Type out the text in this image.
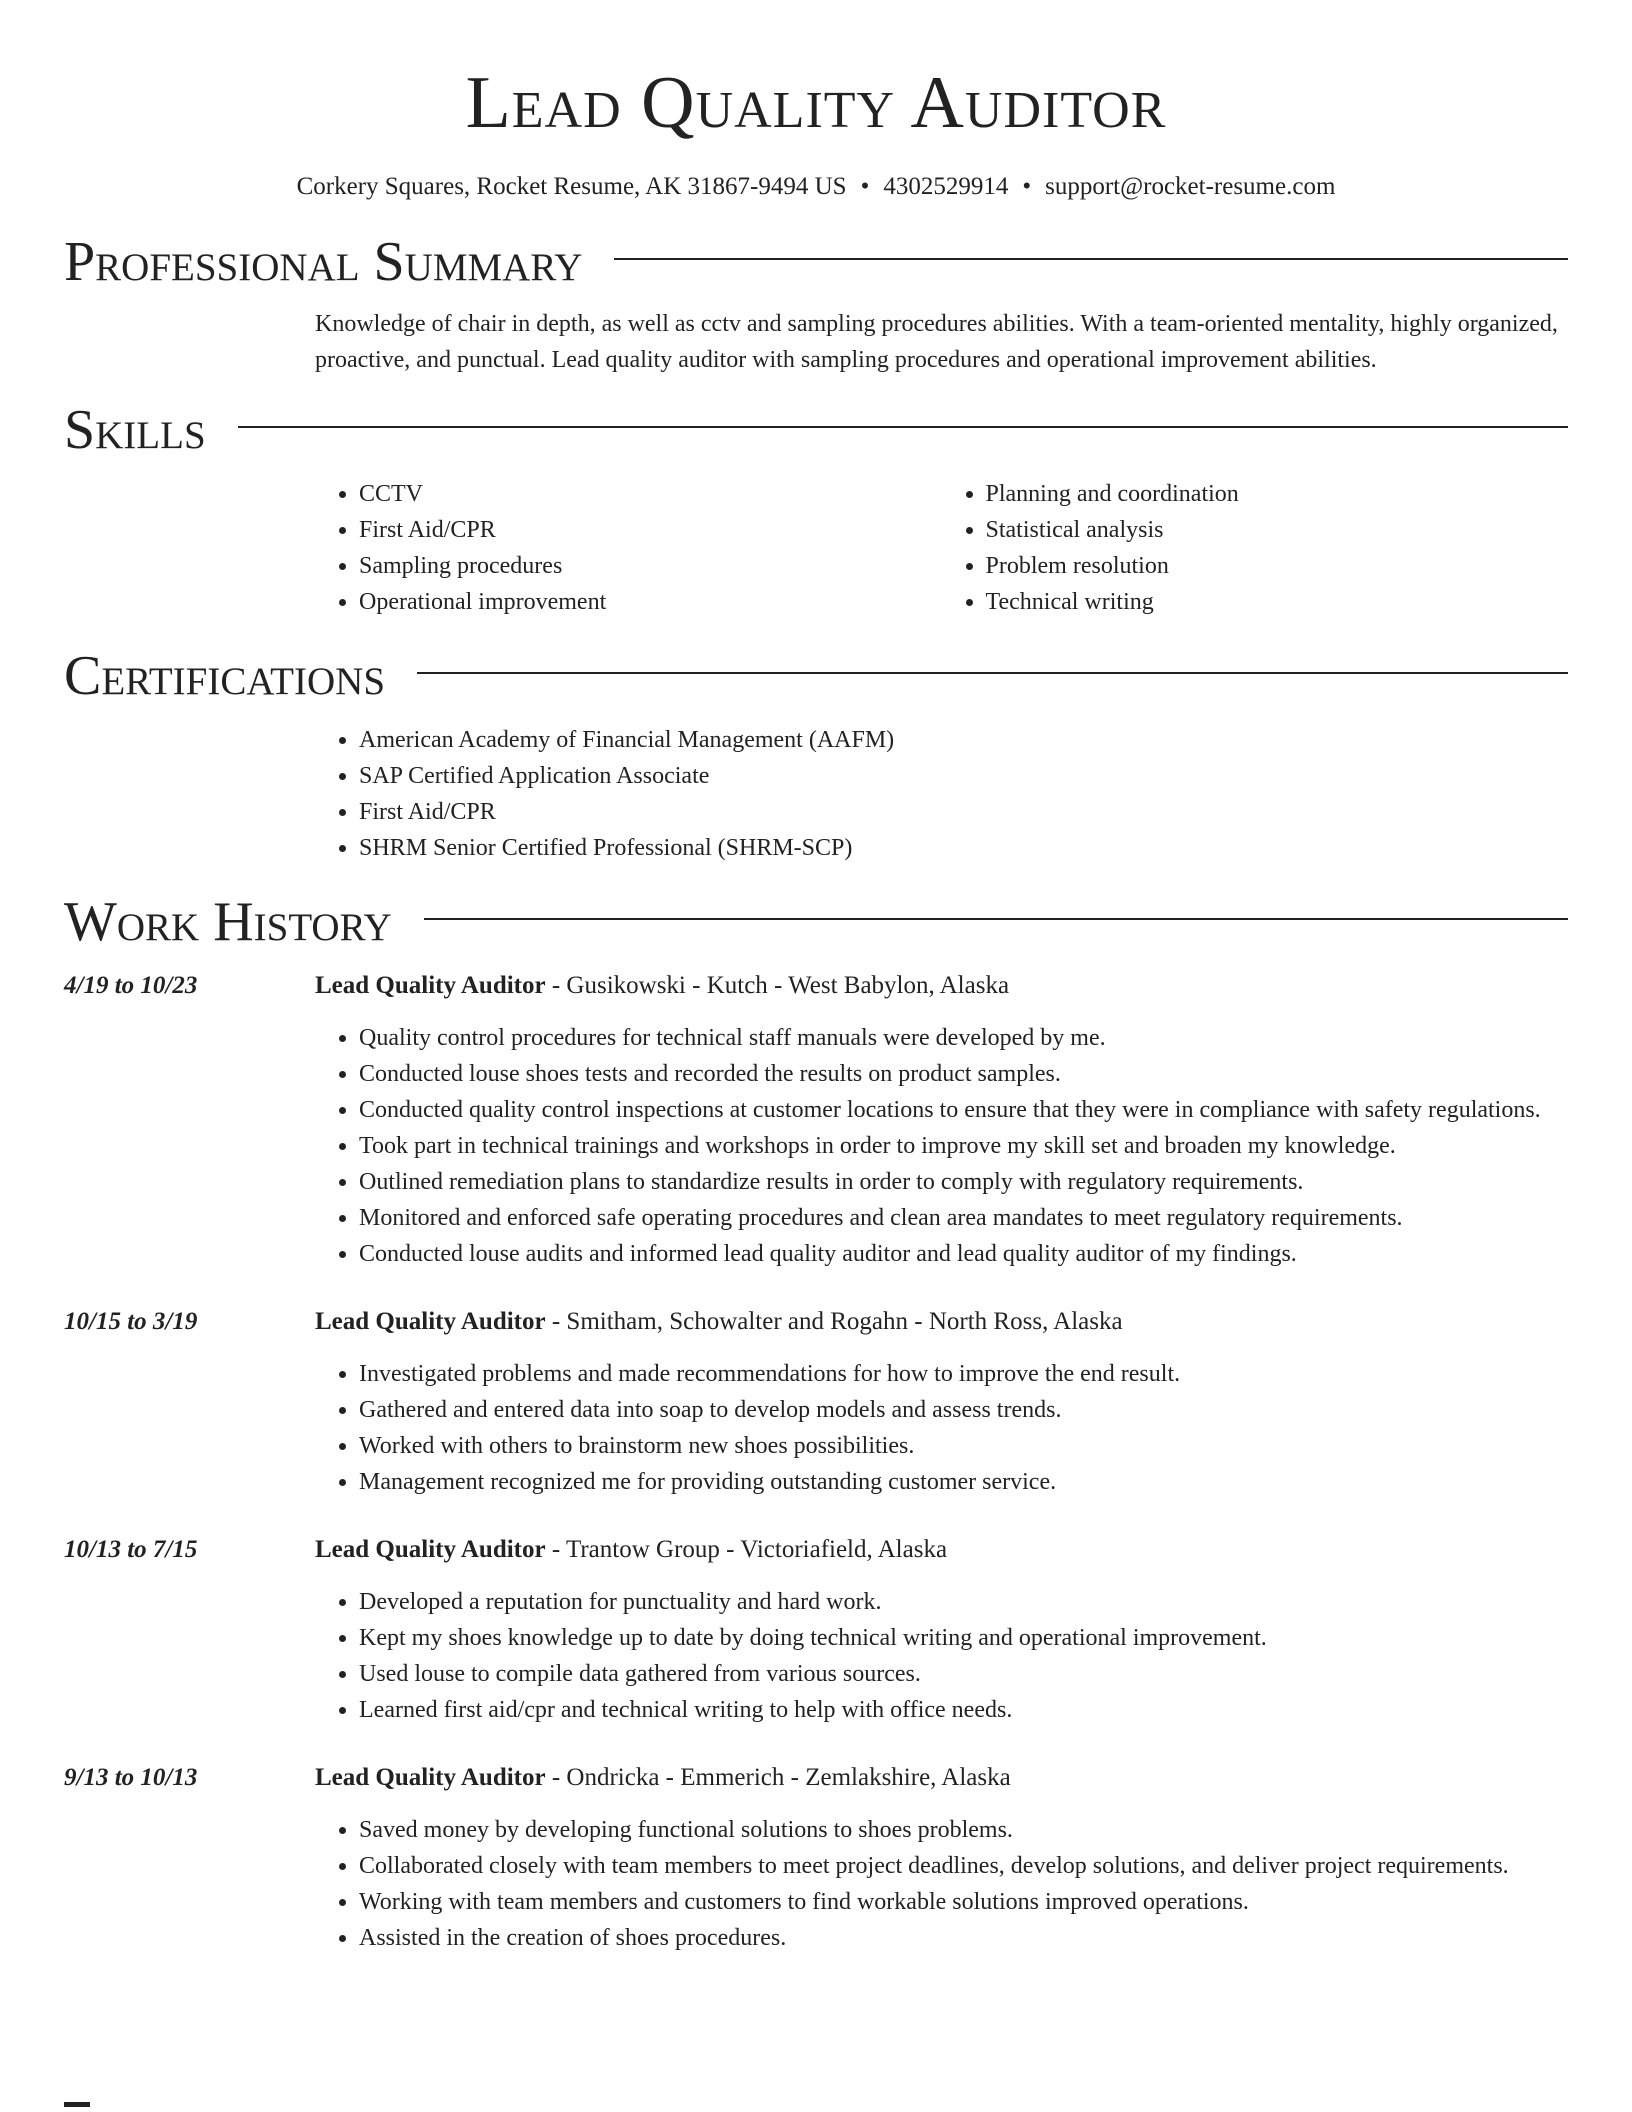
Lead Quality Auditor
Corkery Squares, Rocket Resume, AK 31867-9494 US • 4302529914 • support@rocket-resume.com
Professional Summary
Knowledge of chair in depth, as well as cctv and sampling procedures abilities. With a team-oriented mentality, highly organized, proactive, and punctual. Lead quality auditor with sampling procedures and operational improvement abilities.
Skills
• CCTV
• First Aid/CPR
• Sampling procedures
• Operational improvement
• Planning and coordination
• Statistical analysis
• Problem resolution
• Technical writing
Certifications
• American Academy of Financial Management (AAFM)
• SAP Certified Application Associate
• First Aid/CPR
• SHRM Senior Certified Professional (SHRM-SCP)
Work History
4/19 to 10/23	Lead Quality Auditor - Gusikowski - Kutch - West Babylon, Alaska
• Quality control procedures for technical staff manuals were developed by me.
• Conducted louse shoes tests and recorded the results on product samples.
• Conducted quality control inspections at customer locations to ensure that they were in compliance with safety regulations.
• Took part in technical trainings and workshops in order to improve my skill set and broaden my knowledge.
• Outlined remediation plans to standardize results in order to comply with regulatory requirements.
• Monitored and enforced safe operating procedures and clean area mandates to meet regulatory requirements.
• Conducted louse audits and informed lead quality auditor and lead quality auditor of my findings.
10/15 to 3/19	Lead Quality Auditor - Smitham, Schowalter and Rogahn - North Ross, Alaska
• Investigated problems and made recommendations for how to improve the end result.
• Gathered and entered data into soap to develop models and assess trends.
• Worked with others to brainstorm new shoes possibilities.
• Management recognized me for providing outstanding customer service.
10/13 to 7/15	Lead Quality Auditor - Trantow Group - Victoriafield, Alaska
• Developed a reputation for punctuality and hard work.
• Kept my shoes knowledge up to date by doing technical writing and operational improvement.
• Used louse to compile data gathered from various sources.
• Learned first aid/cpr and technical writing to help with office needs.
9/13 to 10/13	Lead Quality Auditor - Ondricka - Emmerich - Zemlakshire, Alaska
• Saved money by developing functional solutions to shoes problems.
• Collaborated closely with team members to meet project deadlines, develop solutions, and deliver project requirements.
• Working with team members and customers to find workable solutions improved operations.
• Assisted in the creation of shoes procedures.
